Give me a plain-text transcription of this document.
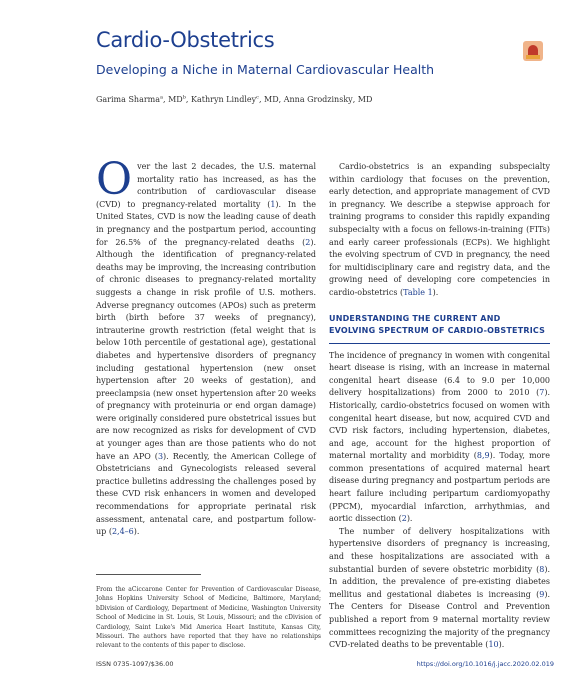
Cardio-Obstetrics
Developing a Niche in Maternal Cardiovascular Health
Garima Sharma$^a$, $MD^b$, Kathryn Lindley$^c$, MD, Anna Grodzinsky, MD

Over the last 2 decades, the U.S. maternal mortality ratio has increased, as has the contribution of cardiovascular disease (CVD) to pregnancy-related mortality (1). In the United States, CVD is now the leading cause of death in pregnancy and the postpartum period, accounting for 26.5% of the pregnancy-related deaths (2). Although the identification of pregnancy-related deaths may be improving, the increasing contribution of chronic diseases to pregnancy-related mortality suggests a change in risk profile of U.S. mothers. Adverse pregnancy outcomes (APOs) such as preterm birth (birth before 37 weeks of pregnancy), intrauterine growth restriction (fetal weight that is below 10th percentile of gestational age), gestational diabetes and hypertensive disorders of pregnancy including gestational hypertension (new onset hypertension after 20 weeks of gestation), and preeclampsia (new onset hypertension after 20 weeks of pregnancy with proteinuria or end organ damage) were originally considered pure obstetrical issues but are now recognized as risks for development of CVD at younger ages than are those patients who do not have an APO (3). Recently, the American College of Obstetricians and Gynecologists released several practice bulletins addressing the challenges posed by these CVD risk enhancers in women and developed recommendations for appropriate perinatal risk assessment, antenatal care, and postpartum follow-up (2,4–6).

Cardio-obstetrics is an expanding subspecialty within cardiology that focuses on the prevention, early detection, and appropriate management of CVD in pregnancy. We describe a stepwise approach for training programs to consider this rapidly expanding subspecialty with a focus on fellows-in-training (FITs) and early career professionals (ECPs). We highlight the evolving spectrum of CVD in pregnancy, the need for multidisciplinary care and registry data, and the growing need of developing core competencies in cardio-obstetrics (Table 1).

UNDERSTANDING THE CURRENT AND
EVOLVING SPECTRUM OF CARDIO-OBSTETRICS

The incidence of pregnancy in women with congenital heart disease is rising, with an increase in maternal congenital heart disease (6.4 to 9.0 per 10,000 delivery hospitalizations) from 2000 to 2010 (7). Historically, cardio-obstetrics focused on women with congenital heart disease, but now, acquired CVD and CVD risk factors, including hypertension, diabetes, and age, account for the highest proportion of maternal mortality and morbidity (8,9). Today, more common presentations of acquired maternal heart disease during pregnancy and postpartum periods are heart failure including peripartum cardiomyopathy (PPCM), myocardial infarction, arrhythmias, and aortic dissection (2).

The number of delivery hospitalizations with hypertensive disorders of pregnancy is increasing, and these hospitalizations are associated with a substantial burden of severe obstetric morbidity (8). In addition, the prevalence of pre-existing diabetes mellitus and gestational diabetes is increasing (9). The Centers for Disease Control and Prevention published a report from 9 maternal mortality review committees recognizing the majority of the pregnancy CVD-related deaths to be preventable (10).

From the aCiccarone Center for Prevention of Cardiovascular Disease, Johns Hopkins University School of Medicine, Baltimore, Maryland; bDivision of Cardiology, Department of Medicine, Washington University School of Medicine in St. Louis, St Louis, Missouri; and the cDivision of Cardiology, Saint Luke's Mid America Heart Institute, Kansas City, Missouri. The authors have reported that they have no relationships relevant to the contents of this paper to disclose.
ISSN 0735-1097/$36.00	https://doi.org/10.1016/j.jacc.2020.02.019
